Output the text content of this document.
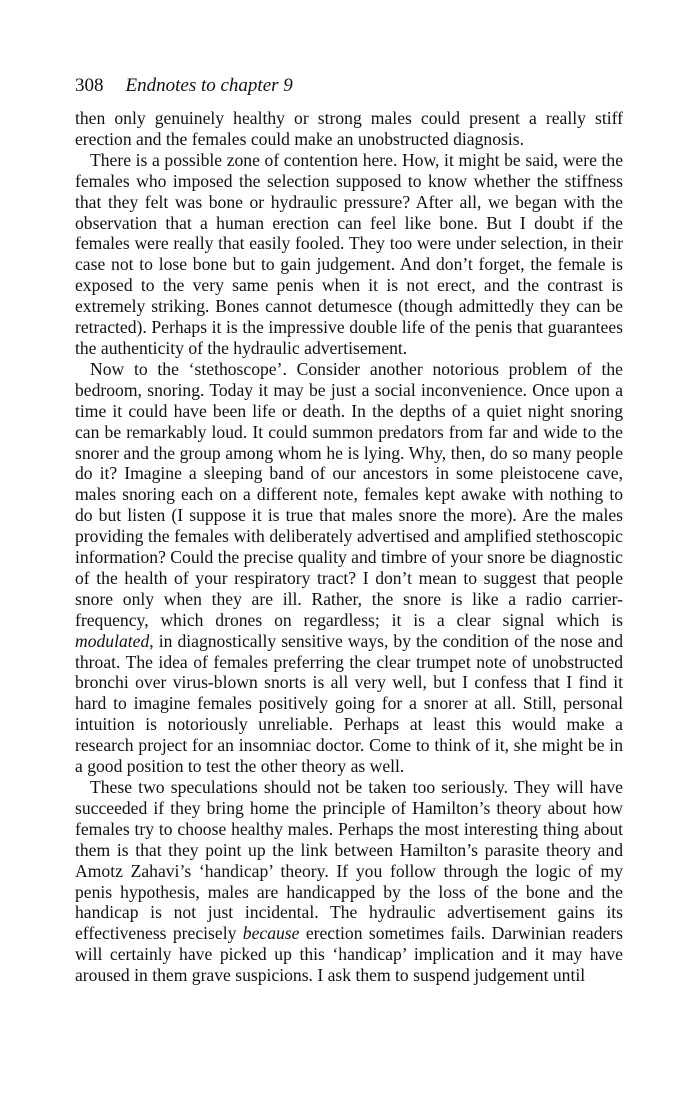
308 Endnotes to chapter 9

then only genuinely healthy or strong males could present a really stiff erection and the females could make an unobstructed diagnosis.

There is a possible zone of contention here. How, it might be said, were the females who imposed the selection supposed to know whether the stiffness that they felt was bone or hydraulic pressure? After all, we began with the observation that a human erection can feel like bone. But I doubt if the females were really that easily fooled. They too were under selection, in their case not to lose bone but to gain judgement. And don’t forget, the female is exposed to the very same penis when it is not erect, and the contrast is extremely striking. Bones cannot detumesce (though admittedly they can be retracted). Perhaps it is the impressive double life of the penis that guarantees the authenticity of the hydraulic advertisement.

Now to the ‘stethoscope’. Consider another notorious problem of the bedroom, snoring. Today it may be just a social inconvenience. Once upon a time it could have been life or death. In the depths of a quiet night snoring can be remarkably loud. It could summon predators from far and wide to the snorer and the group among whom he is lying. Why, then, do so many people do it? Imagine a sleeping band of our ancestors in some pleistocene cave, males snoring each on a different note, females kept awake with nothing to do but listen (I suppose it is true that males snore the more). Are the males providing the females with deliberately advertised and amplified stethoscopic information? Could the precise quality and timbre of your snore be diagnostic of the health of your respiratory tract? I don’t mean to suggest that people snore only when they are ill. Rather, the snore is like a radio carrier-frequency, which drones on regardless; it is a clear signal which is modulated, in diagnostically sensitive ways, by the condition of the nose and throat. The idea of females preferring the clear trumpet note of unobstructed bronchi over virus-blown snorts is all very well, but I confess that I find it hard to imagine females positively going for a snorer at all. Still, personal intuition is notoriously unreliable. Perhaps at least this would make a research project for an insomniac doctor. Come to think of it, she might be in a good position to test the other theory as well.

These two speculations should not be taken too seriously. They will have succeeded if they bring home the principle of Hamilton’s theory about how females try to choose healthy males. Perhaps the most interesting thing about them is that they point up the link between Hamilton’s parasite theory and Amotz Zahavi’s ‘handicap’ theory. If you follow through the logic of my penis hypothesis, males are handicapped by the loss of the bone and the handicap is not just incidental. The hydraulic advertisement gains its effectiveness precisely because erection sometimes fails. Darwinian readers will certainly have picked up this ‘handicap’ implication and it may have aroused in them grave suspicions. I ask them to suspend judgement until
